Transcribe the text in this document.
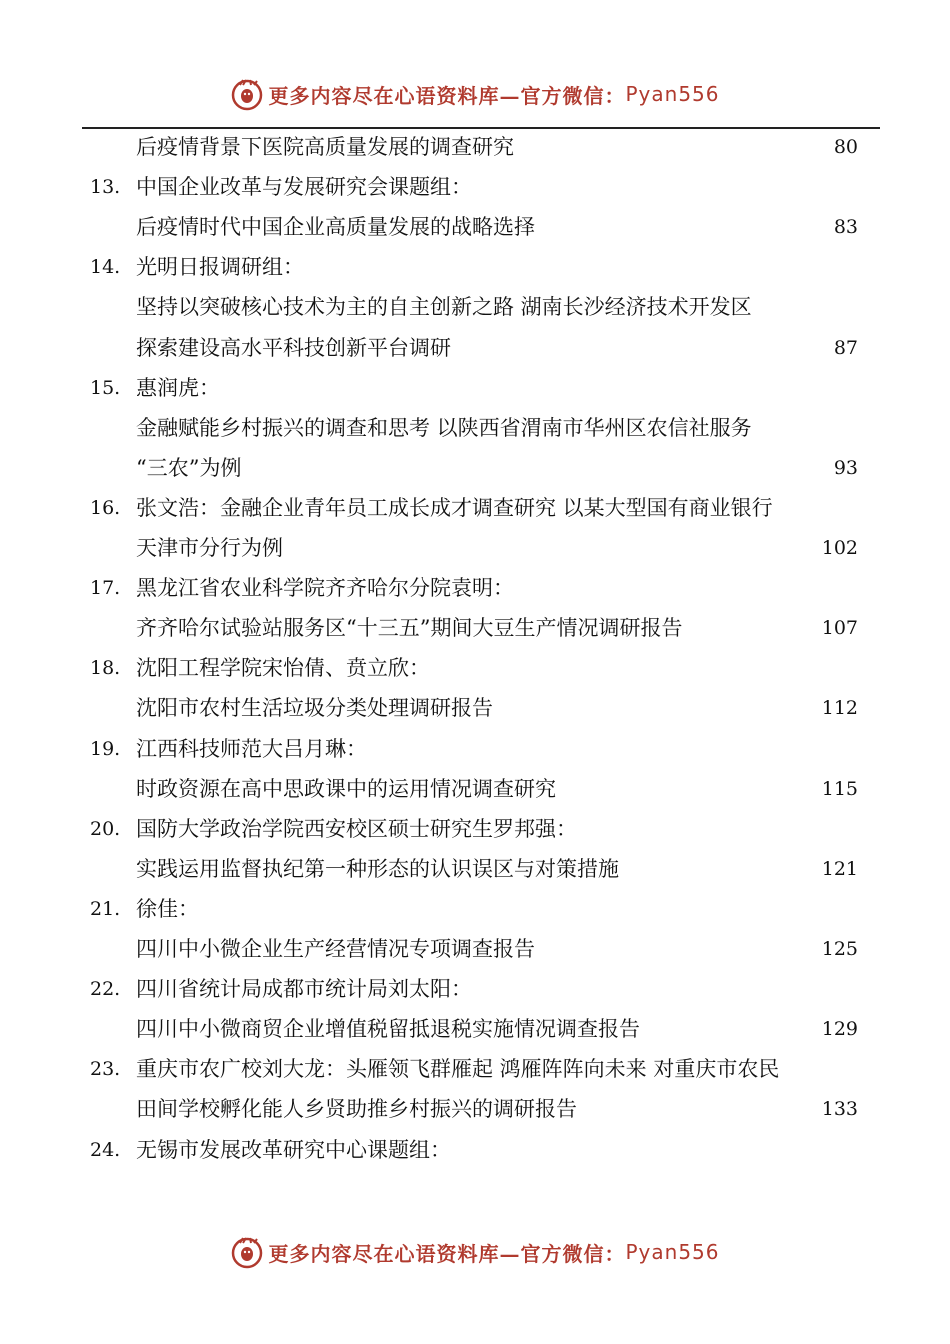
更多内容尽在心语资料库—官方微信： Pyan556
后疫情背景下医院高质量发展的调查研究	80
13. 中国企业改革与发展研究会课题组：
后疫情时代中国企业高质量发展的战略选择	83
14. 光明日报调研组：
坚持以突破核心技术为主的自主创新之路 湖南长沙经济技术开发区
探索建设高水平科技创新平台调研	87
15. 惠润虎：
金融赋能乡村振兴的调查和思考 以陕西省渭南市华州区农信社服务
“三农”为例	93
16. 张文浩：金融企业青年员工成长成才调查研究 以某大型国有商业银行
天津市分行为例	102
17. 黑龙江省农业科学院齐齐哈尔分院袁明：
齐齐哈尔试验站服务区“十三五”期间大豆生产情况调研报告	107
18. 沈阳工程学院宋怡倩、贲立欣：
沈阳市农村生活垃圾分类处理调研报告	112
19. 江西科技师范大吕月琳：
时政资源在高中思政课中的运用情况调查研究	115
20. 国防大学政治学院西安校区硕士研究生罗邦强：
实践运用监督执纪第一种形态的认识误区与对策措施	121
21. 徐佳：
四川中小微企业生产经营情况专项调查报告	125
22. 四川省统计局成都市统计局刘太阳：
四川中小微商贸企业增值税留抵退税实施情况调查报告	129
23. 重庆市农广校刘大龙：头雁领飞群雁起 鸿雁阵阵向未来 对重庆市农民
田间学校孵化能人乡贤助推乡村振兴的调研报告	133
24. 无锡市发展改革研究中心课题组：
更多内容尽在心语资料库—官方微信： Pyan556
